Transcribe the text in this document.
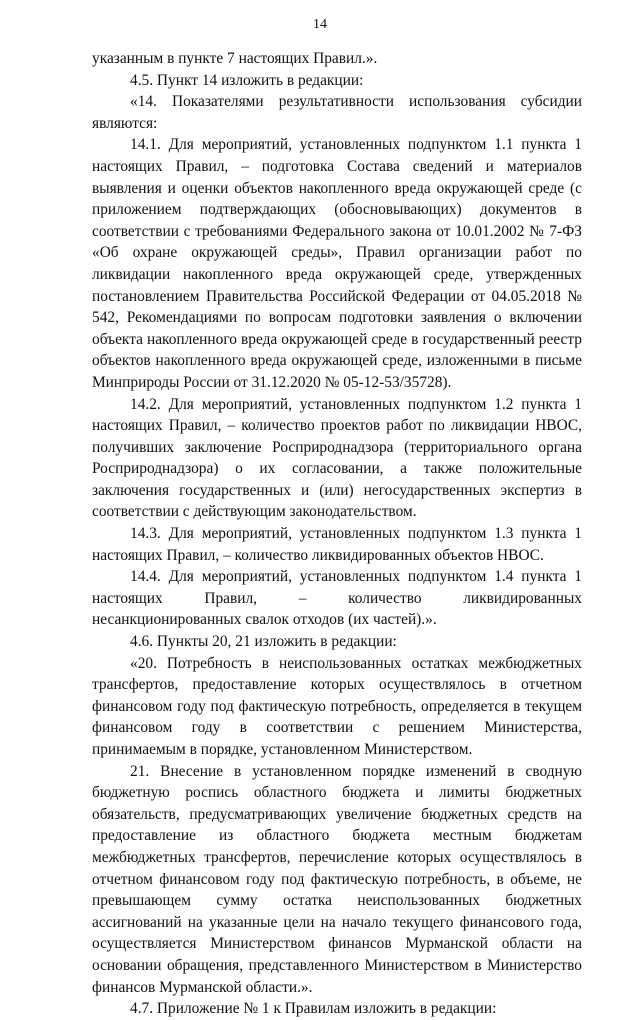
14

указанным в пункте 7 настоящих Правил.».

4.5. Пункт 14 изложить в редакции:

«14. Показателями результативности использования субсидии являются:

14.1. Для мероприятий, установленных подпунктом 1.1 пункта 1 настоящих Правил, – подготовка Состава сведений и материалов выявления и оценки объектов накопленного вреда окружающей среде (с приложением подтверждающих (обосновывающих) документов в соответствии с требованиями Федерального закона от 10.01.2002 № 7-ФЗ «Об охране окружающей среды», Правил организации работ по ликвидации накопленного вреда окружающей среде, утвержденных постановлением Правительства Российской Федерации от 04.05.2018 № 542, Рекомендациями по вопросам подготовки заявления о включении объекта накопленного вреда окружающей среде в государственный реестр объектов накопленного вреда окружающей среде, изложенными в письме Минприроды России от 31.12.2020 № 05-12-53/35728).

14.2. Для мероприятий, установленных подпунктом 1.2 пункта 1 настоящих Правил, – количество проектов работ по ликвидации НВОС, получивших заключение Росприроднадзора (территориального органа Росприроднадзора) о их согласовании, а также положительные заключения государственных и (или) негосударственных экспертиз в соответствии с действующим законодательством.

14.3. Для мероприятий, установленных подпунктом 1.3 пункта 1 настоящих Правил, – количество ликвидированных объектов НВОС.

14.4. Для мероприятий, установленных подпунктом 1.4 пункта 1 настоящих Правил, – количество ликвидированных несанкционированных свалок отходов (их частей).».

4.6. Пункты 20, 21 изложить в редакции:

«20. Потребность в неиспользованных остатках межбюджетных трансфертов, предоставление которых осуществлялось в отчетном финансовом году под фактическую потребность, определяется в текущем финансовом году в соответствии с решением Министерства, принимаемым в порядке, установленном Министерством.

21. Внесение в установленном порядке изменений в сводную бюджетную роспись областного бюджета и лимиты бюджетных обязательств, предусматривающих увеличение бюджетных средств на предоставление из областного бюджета местным бюджетам межбюджетных трансфертов, перечисление которых осуществлялось в отчетном финансовом году под фактическую потребность, в объеме, не превышающем сумму остатка неиспользованных бюджетных ассигнований на указанные цели на начало текущего финансового года, осуществляется Министерством финансов Мурманской области на основании обращения, представленного Министерством в Министерство финансов Мурманской области.».

4.7. Приложение № 1 к Правилам изложить в редакции:
